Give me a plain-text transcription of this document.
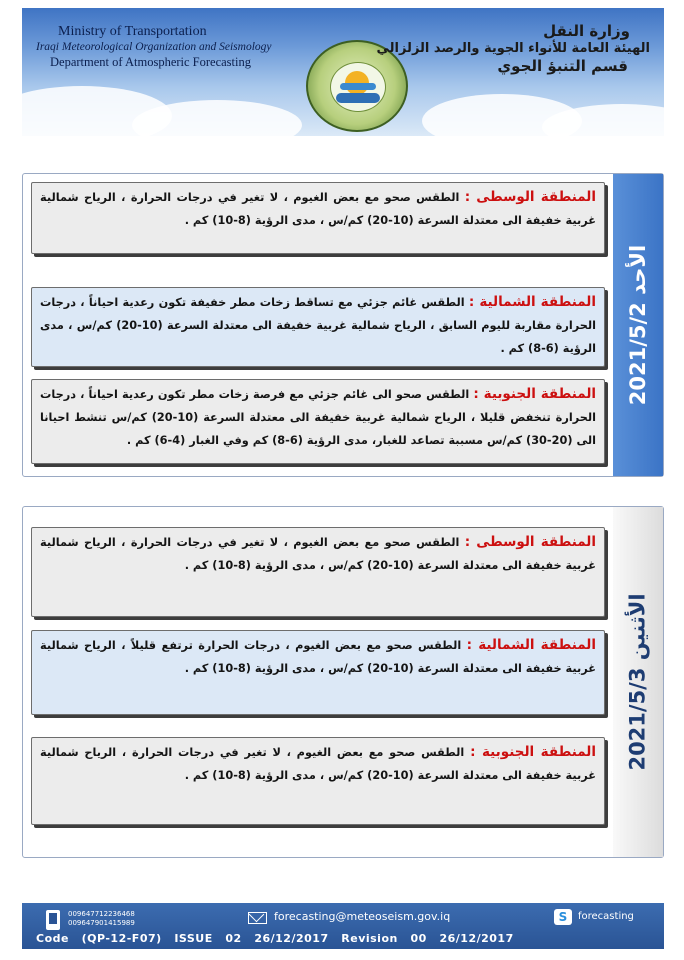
Ministry of Transportation
Iraqi Meteorological Organization and Seismology
Department of Atmospheric Forecasting
وزارة النقل
الهيئة العامة للأنواء الجوية والرصد الزلزالي
قسم التنبؤ الجوي
الأحد 2021/5/2
المنطقة الوسطى : الطقس صحو مع بعض الغيوم ، لا تغير في درجات الحرارة ، الرياح شمالية غربية خفيفة الى معتدلة السرعة (10-20) كم/س ، مدى الرؤية (8-10) كم .
المنطقة الشمالية : الطقس غائم جزئي مع تساقط زخات مطر خفيفة تكون رعدية احياناً ، درجات الحرارة مقاربة لليوم السابق ، الرياح شمالية غربية خفيفة الى معتدلة السرعة (10-20) كم/س ، مدى الرؤية (6-8) كم .
المنطقة الجنوبية : الطقس صحو الى غائم جزئي مع فرصة زخات مطر تكون رعدية احياناً ، درجات الحرارة تنخفض قليلا ، الرياح شمالية غربية خفيفة الى معتدلة السرعة (10-20) كم/س تنشط احيانا الى (20-30) كم/س مسببة تصاعد للغبار، مدى الرؤية (6-8) كم وفي الغبار (4-6) كم .
الأثنين 2021/5/3
المنطقة الوسطى : الطقس صحو مع بعض الغيوم ، لا تغير في درجات الحرارة ، الرياح شمالية غربية خفيفة الى معتدلة السرعة (10-20) كم/س ، مدى الرؤية (8-10) كم .
المنطقة الشمالية : الطقس صحو مع بعض الغيوم ، درجات الحرارة ترتفع قليلاً ، الرياح شمالية غربية خفيفة الى معتدلة السرعة (10-20) كم/س ، مدى الرؤية (8-10) كم .
المنطقة الجنوبية : الطقس صحو مع بعض الغيوم ، لا تغير في درجات الحرارة ، الرياح شمالية غربية خفيفة الى معتدلة السرعة (10-20) كم/س ، مدى الرؤية (8-10) كم .
009647712236468
009647901415989	forecasting@meteoseism.gov.iq	S	forecasting
Code  (QP-12-F07)  ISSUE  02  26/12/2017  Revision  00  26/12/2017
